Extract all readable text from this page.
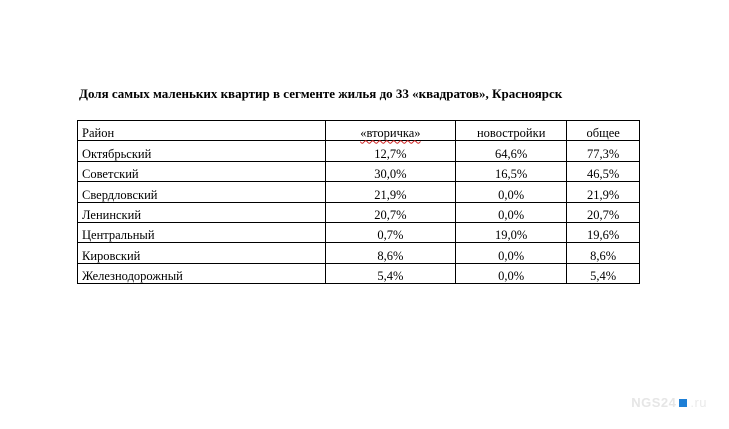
Доля самых маленьких квартир в сегменте жилья до 33 «квадратов», Красноярск
Район	«вторичка»	новостройки	общее
Октябрьский	12,7%	64,6%	77,3%
Советский	30,0%	16,5%	46,5%
Свердловский	21,9%	0,0%	21,9%
Ленинский	20,7%	0,0%	20,7%
Центральный	0,7%	19,0%	19,6%
Кировский	8,6%	0,0%	8,6%
Железнодорожный	5,4%	0,0%	5,4%
NGS24 .ru
